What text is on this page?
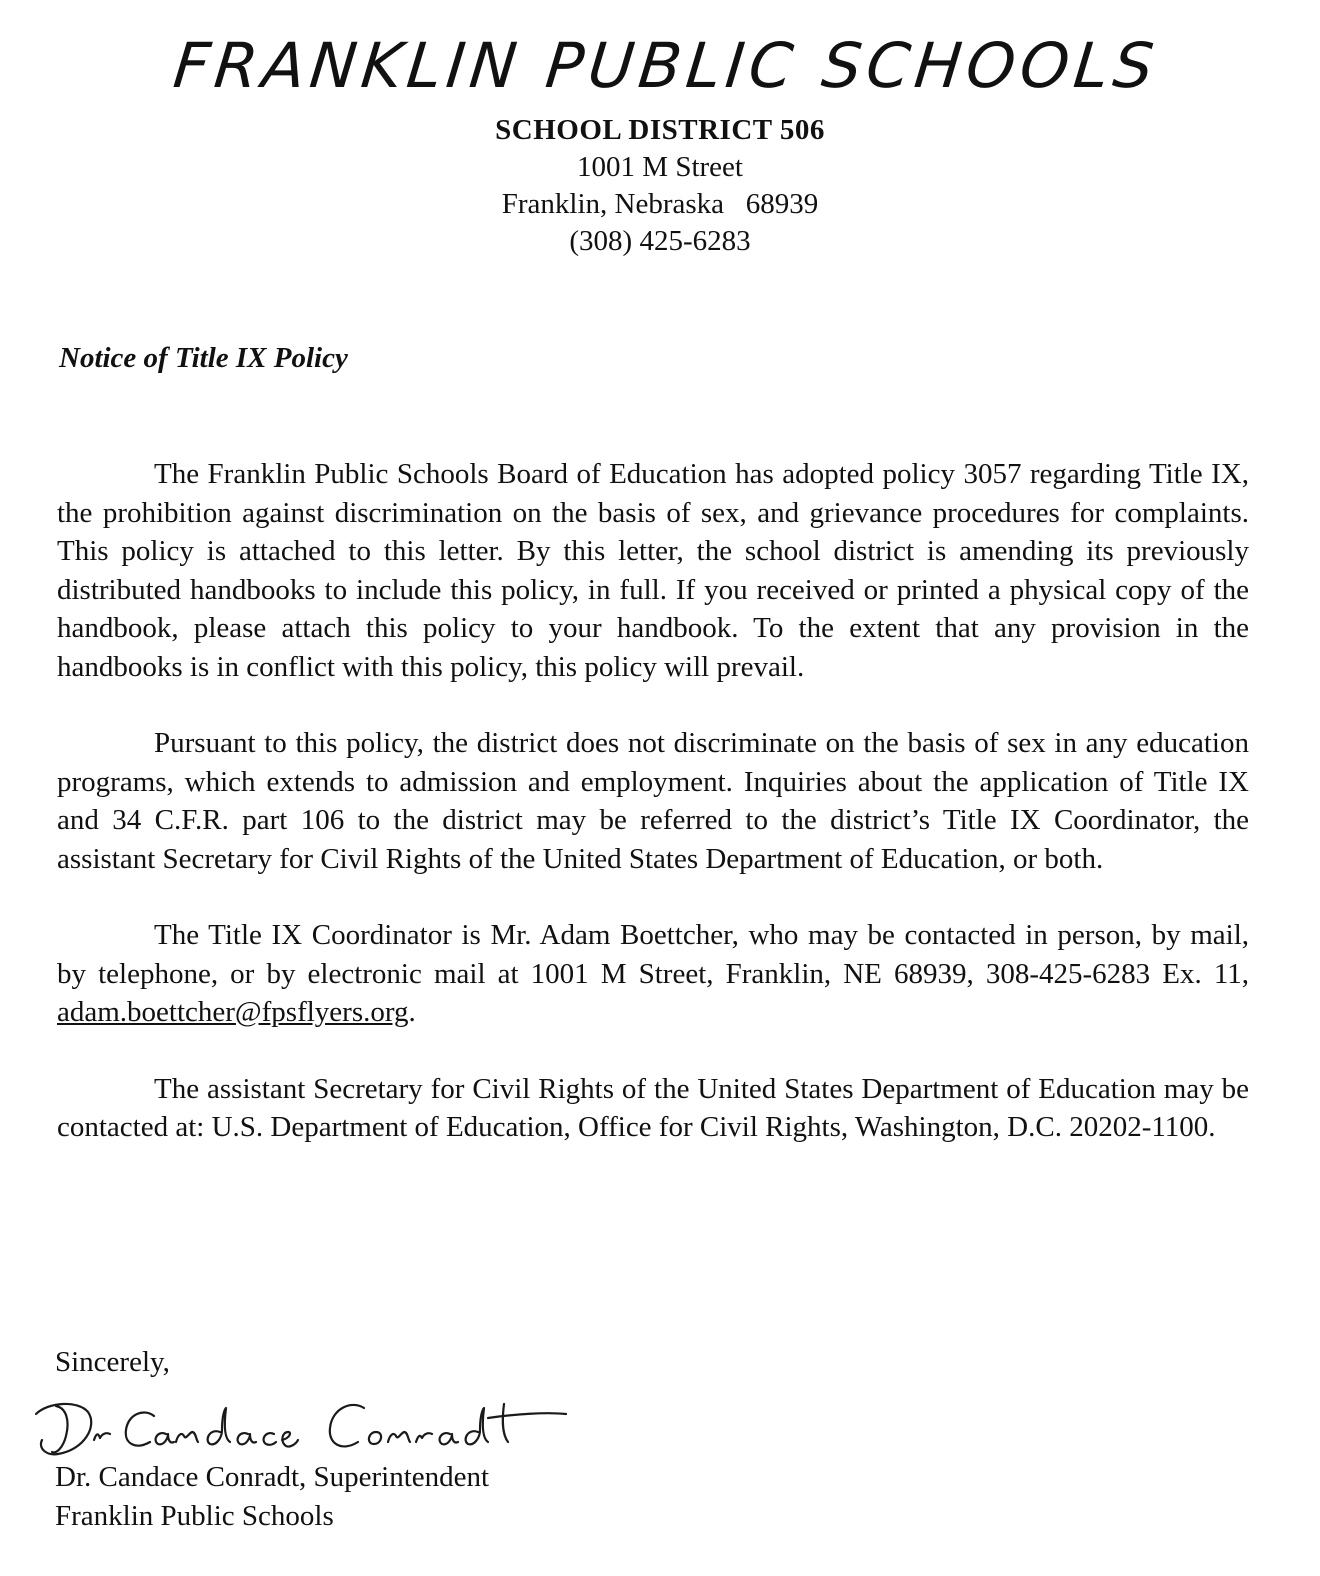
FRANKLIN PUBLIC SCHOOLS
SCHOOL DISTRICT 506
1001 M Street
Franklin, Nebraska   68939
(308) 425-6283
Notice of Title IX Policy

The Franklin Public Schools Board of Education has adopted policy 3057 regarding Title IX, the prohibition against discrimination on the basis of sex, and grievance procedures for complaints. This policy is attached to this letter. By this letter, the school district is amending its previously distributed handbooks to include this policy, in full. If you received or printed a physical copy of the handbook, please attach this policy to your handbook. To the extent that any provision in the handbooks is in conflict with this policy, this policy will prevail.

Pursuant to this policy, the district does not discriminate on the basis of sex in any education programs, which extends to admission and employment. Inquiries about the application of Title IX and 34 C.F.R. part 106 to the district may be referred to the district’s Title IX Coordinator, the assistant Secretary for Civil Rights of the United States Department of Education, or both.

The Title IX Coordinator is Mr. Adam Boettcher, who may be contacted in person, by mail, by telephone, or by electronic mail at 1001 M Street, Franklin, NE 68939, 308-425-6283 Ex. 11, adam.boettcher@fpsflyers.org.

The assistant Secretary for Civil Rights of the United States Department of Education may be contacted at: U.S. Department of Education, Office for Civil Rights, Washington, D.C. 20202-1100.

Sincerely,
Dr. Candace Conradt, Superintendent
Franklin Public Schools
